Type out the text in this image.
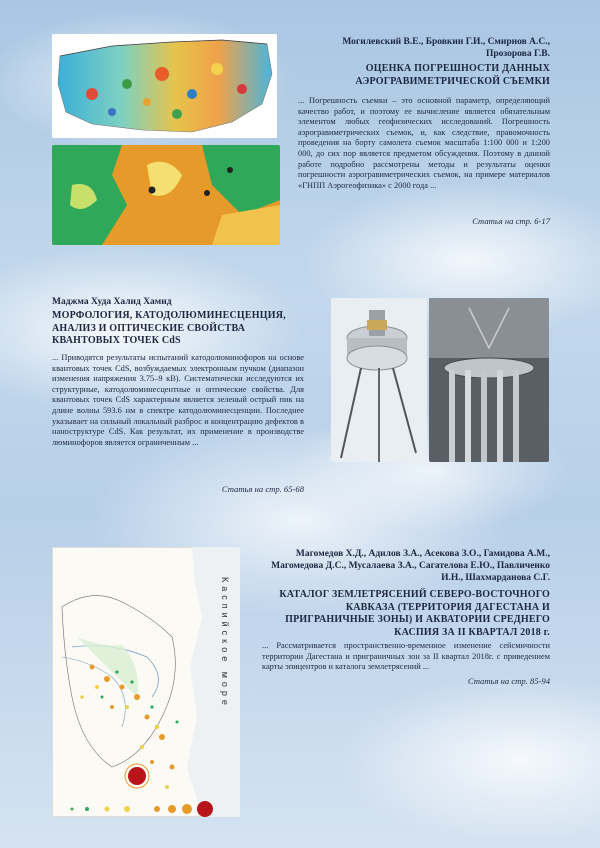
Могилевский В.Е., Бровкин Г.И., Смирнов А.С., Прозорова Г.В.
ОЦЕНКА ПОГРЕШНОСТИ ДАННЫХ АЭРОГРАВИМЕТРИЧЕСКОЙ СЪЕМКИ
... Погрешность съемки – это основной параметр, определяющий качество работ, и поэтому ее вычисление является обязательным элементом любых геофизических исследований. Погрешность аэрогравиметрических съемок, и, как следствие, правомочность проведения на борту самолета съемок масштаба 1:100 000 и 1:200 000, до сих пор является предметом обсуждения. Поэтому в данной работе подробно рассмотрены методы и результаты оценки погрешности аэрогравиметрических съемок, на примере материалов «ГНПП Аэрогеофизика» с 2000 года ...
Статья на стр. 6-17
Маджма Худа Халид Хамид
МОРФОЛОГИЯ, КАТОДОЛЮМИНЕСЦЕНЦИЯ, АНАЛИЗ И ОПТИЧЕСКИЕ СВОЙСТВА КВАНТОВЫХ ТОЧЕК CdS
... Приводятся результаты испытаний катодолюминофоров на основе квантовых точек CdS, возбуждаемых электронным пучком (диапазон изменения напряжения 3.75–9 кВ). Систематически исследуются их структурные, катодолюминесцентные и оптические свойства. Для квантовых точек CdS характерным является зеленый острый пик на длине волны 593.6 нм в спектре катодолюминесценции. Последнее указывает на сильный локальный разброс и концентрацию дефектов в наноструктуре CdS. Как результат, их применение в производстве люминофоров является ограниченным ...
Статья на стр. 65-68
Каспийское море
Магомедов Х.Д., Адилов З.А., Асекова З.О., Гамидова А.М., Магомедова Д.С., Мусалаева З.А., Сагателова Е.Ю., Павличенко И.Н., Шахмарданова С.Г.
КАТАЛОГ ЗЕМЛЕТРЯСЕНИЙ СЕВЕРО-ВОСТОЧНОГО КАВКАЗА (ТЕРРИТОРИЯ ДАГЕСТАНА И ПРИГРАНИЧНЫЕ ЗОНЫ) И АКВАТОРИИ СРЕДНЕГО КАСПИЯ ЗА II КВАРТАЛ 2018 г.
... Рассматривается пространственно-временное изменение сейсмичности территории Дагестана и приграничных зон за II квартал 2018г. с приведением карты эпицентров и каталога землетрясений ...
Статья на стр. 85-94
